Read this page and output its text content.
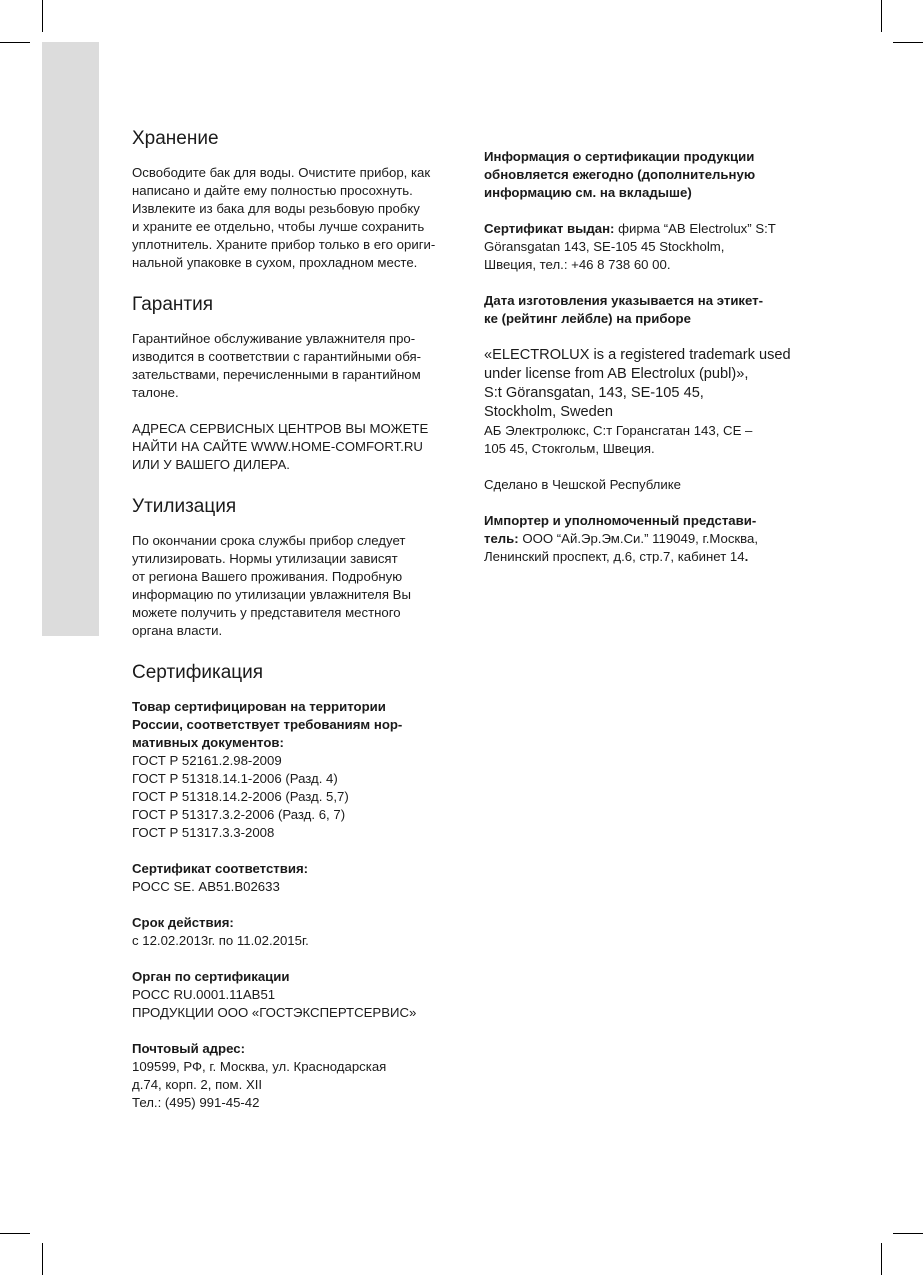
Хранение

Освободите бак для воды. Очистите прибор, как
написано и дайте ему полностью просохнуть.
Извлеките из бака для воды резьбовую пробку
и храните ее отдельно, чтобы лучше сохранить
уплотнитель. Храните прибор только в его ориги-
нальной упаковке в сухом, прохладном месте.

Гарантия

Гарантийное обслуживание увлажнителя про-
изводится в соответствии с гарантийными обя-
зательствами, перечисленными в гарантийном
талоне.

АДРЕСА СЕРВИСНЫХ ЦЕНТРОВ ВЫ МОЖЕТЕ
НАЙТИ НА САЙТЕ WWW.HOME-COMFORT.RU
ИЛИ У ВАШЕГО ДИЛЕРА.

Утилизация

По окончании срока службы прибор следует
утилизировать. Нормы утилизации зависят
от региона Вашего проживания. Подробную
информацию по утилизации увлажнителя Вы
можете получить у представителя местного
органа власти.

Сертификация

Товар сертифицирован на территории
России, соответствует требованиям нор-
мативных документов:

ГОСТ Р 52161.2.98-2009
ГОСТ Р 51318.14.1-2006 (Разд. 4)
ГОСТ Р 51318.14.2-2006 (Разд. 5,7)
ГОСТ Р 51317.3.2-2006 (Разд. 6, 7)
ГОСТ Р 51317.3.3-2008

Сертификат соответствия:

РОСС SE. АВ51.В02633

Срок действия:

с 12.02.2013г. по 11.02.2015г.

Орган по сертификации

РОСС RU.0001.11AB51
ПРОДУКЦИИ ООО «ГОСТЭКСПЕРТСЕРВИС»

Почтовый адрес:

109599, РФ, г. Москва, ул. Краснодарская
д.74, корп. 2, пом. XII
Тел.: (495) 991-45-42

Информация о сертификации продукции
обновляется ежегодно (дополнительную
информацию см. на вкладыше)

Сертификат выдан: фирма “AB Electrolux” S:T
Göransgatan 143, SE-105 45 Stockholm,
Швеция, тел.: +46 8 738 60 00.

Дата изготовления указывается на этикет-
ке (рейтинг лейбле) на приборе

«ELECTROLUX is a registered trademark used
under license from AB Electrolux (publ)»,
S:t Göransgatan, 143, SE-105 45,
Stockholm, Sweden

АБ Электролюкс, С:т Горансгатан 143, СЕ –
105 45, Стокгольм, Швеция.

Сделано в Чешской Республике

Импортер и уполномоченный представи-
тель: ООО “Ай.Эр.Эм.Си.” 119049, г.Москва,
Ленинский проспект, д.6, стр.7, кабинет 14.
